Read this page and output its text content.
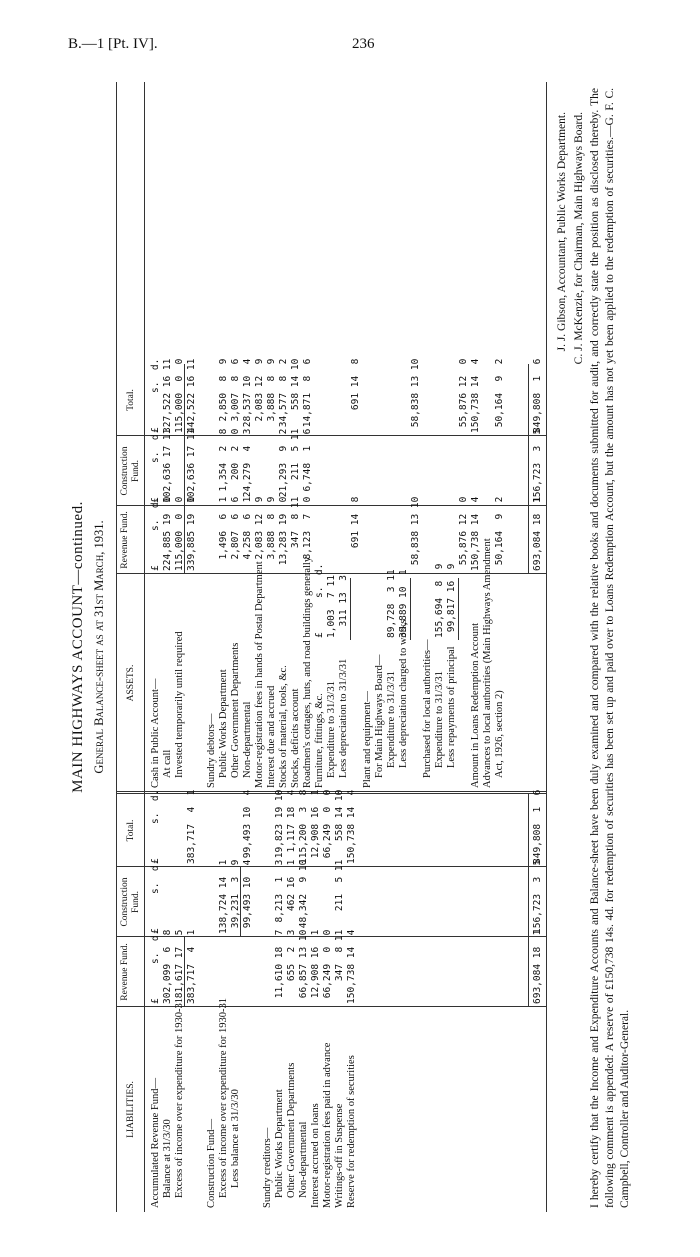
B.—1 [Pt. IV].	236
MAIN HIGHWAYS ACCOUNT—continued. General Balance-sheet as at 31st March, 1931.
LIABILITIES.
Revenue Fund.
Construction Fund.
Total.
ASSETS.
Revenue Fund.
Construction Fund.
Total.
Accumulated Revenue Fund—
£      s.  d.
£      s.  d.
£      s.  d.
Balance at 31/3/30
302,099  6  8
Excess of income over expenditure for 1930-31
81,617 17  5 383,717  4  1
383,717  4  1
Construction Fund— Excess of income over expenditure for 1930-31
138,724 14  1
Less balance at 31/3/30
39,231  3  9 99,493 10  4
99,493 10  4
Sundry creditors— Public Works Department
11,610 18  7
8,213  1  3
19,823 19 10
Other Government Departments
655  2  3
462 16  1
1,117 18  4
Non-departmental
66,857 13 10
48,342  9 10
115,200  3  8
Interest accrued on loans
12,908 16  1
12,908 16  1
Motor-registration fees paid in advance
66,249  0  0
66,249  0  0
Writings-off in Suspense
347  8 11
211  5 11
558 14 10
Reserve for redemption of securities
150,738 14  4
150,738 14  4
Cash in Public Account—
£      s.  d.
£      s.  d.
£      s.  d.
At call
224,885 19  0
102,636 17 11
327,522 16 11
Invested temporarily until required
115,000  0  0
115,000  0  0
339,885 19  0
102,636 17 11
442,522 16 11
Sundry debtors— Public Works Department
1,496  6  1
1,354  2  8
2,850  8  9
Other Government Departments
2,807  6  6
200  2  0
3,007  8  6
Non-departmental
4,258  6  1
24,279  4  3
28,537 10  4
Motor-registration fees in hands of Postal Department
2,083 12  9
2,083 12  9
Interest due and accrued
3,888  8  9
3,888  8  9
Stocks of material, tools, &c.
13,283 19  0
21,293  9  2
34,577  8  2
Stocks, deficits account
347  8 11
211  5 11
558 14 10
Roadmen's cottages, huts, and road buildings generally
8,123  7  0
6,748  1  6
14,871  8  6
Furniture, fittings, &c.
£      s.  d.
Expenditure to 31/3/31
1,003  7 11
Less depreciation to 31/3/31
311 13  3
691 14  8
691 14  8
Plant and equipment— For Main Highways Board— Expenditure to 31/3/31
89,728  3 11
Less depreciation charged to works
39,889 10  1
58,838 13 10
58,838 13 10
Purchased for local authorities— Expenditure to 31/3/31
155,694  8  9
Less repayments of principal
99,817 16  9
55,876 12  0
55,876 12  0
Amount in Loans Redemption Account
150,738 14  4
150,738 14  4
Advances to local authorities (Main Highways Amendment Act, 1926, section 2)
50,164  9  2
50,164  9  2
693,084 18  1
156,723  3  5
849,808  1  6
693,084 18  1
156,723  3  5
849,808  1  6
J. J. Gibson, Accountant, Public Works Department. C. J. McKenzie, for Chairman, Main Highways Board. I hereby certify that the Income and Expenditure Accounts and Balance-sheet have been duly examined and compared with the relative books and documents submitted for audit, and correctly state the position as disclosed thereby. The following comment is appended: A reserve of £150,738 14s. 4d. for redemption of securities has been set up and paid over to Loans Redemption Account, but the amount has not yet been applied to the redemption of securities.—G. F. C. Campbell, Controller and Auditor-General.
